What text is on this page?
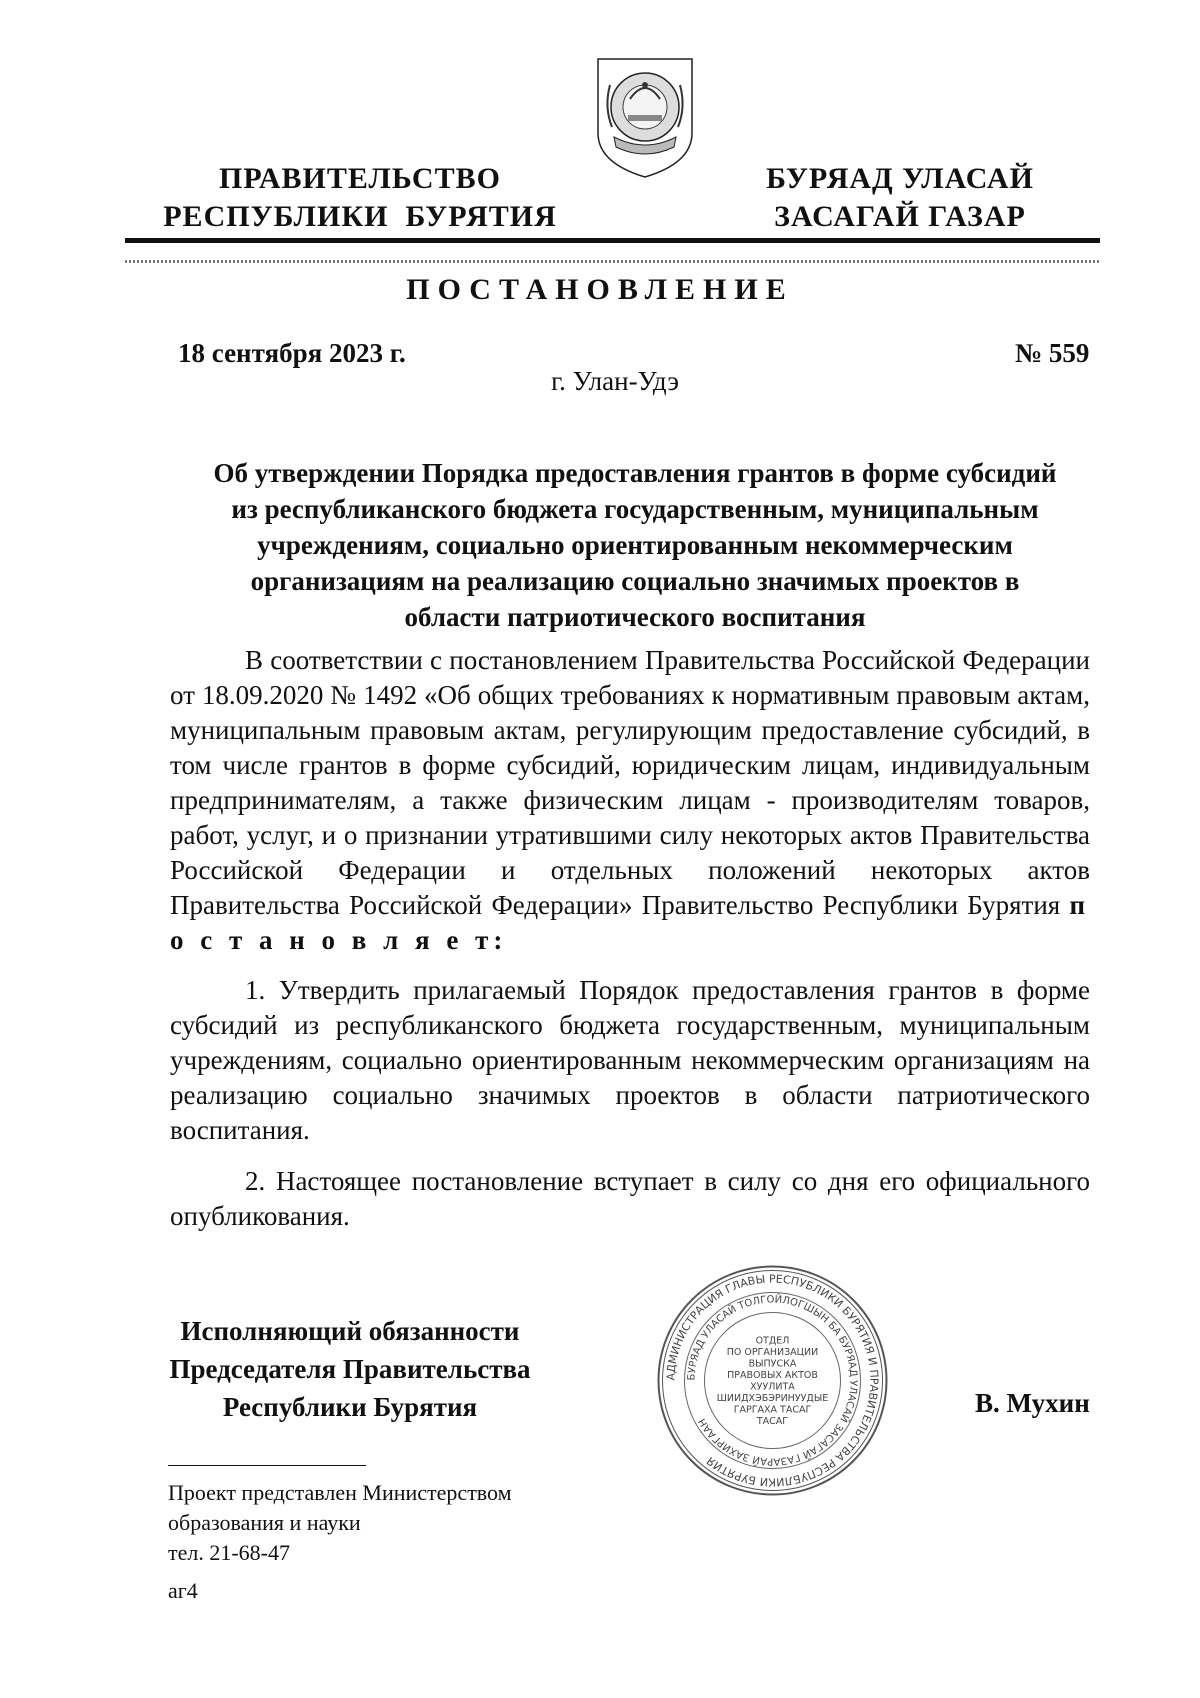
ПРАВИТЕЛЬСТВО
РЕСПУБЛИКИ  БУРЯТИЯ
БУРЯАД УЛАСАЙ
ЗАСАГАЙ ГАЗАР
ПОСТАНОВЛЕНИЕ
18 сентября 2023 г.	№ 559
г. Улан-Удэ
Об утверждении Порядка предоставления грантов в форме субсидий из республиканского бюджета государственным, муниципальным учреждениям, социально ориентированным некоммерческим организациям на реализацию социально значимых проектов в области патриотического воспитания

В соответствии с постановлением Правительства Российской Федерации от 18.09.2020 № 1492 «Об общих требованиях к нормативным правовым актам, муниципальным правовым актам, регулирующим предоставление субсидий, в том числе грантов в форме субсидий, юридическим лицам, индивидуальным предпринимателям, а также физическим лицам - производителям товаров, работ, услуг, и о признании утратившими силу некоторых актов Правительства Российской Федерации и отдельных положений некоторых актов Правительства Российской Федерации» Правительство Республики Бурятия п о с т а н о в л я е т:

1. Утвердить прилагаемый Порядок предоставления грантов в форме субсидий из республиканского бюджета государственным, муниципальным учреждениям, социально ориентированным некоммерческим организациям на реализацию социально значимых проектов в области патриотического воспитания.

2. Настоящее постановление вступает в силу со дня его официального опубликования.

Исполняющий обязанности
Председателя Правительства
Республики Бурятия
АДМИНИСТРАЦИЯ ГЛАВЫ РЕСПУБЛИКИ БУРЯТИЯ И ПРАВИТЕЛЬСТВА РЕСПУБЛИКИ БУРЯТИЯ
БУРЯАД УЛАСАЙ ТОЛГОЙЛОГШЫН БА БУРЯАД УЛАСАЙ ЗАСАГАЙ ГАЗАРАЙ ЗАХИРГААН
ОТДЕЛ
ПО ОРГАНИЗАЦИИ
ВЫПУСКА
ПРАВОВЫХ АКТОВ
ХУУЛИТА
ШИИДХЭБЭРИНУУДЫЕ
ГАРГАХА ТАСАГ
ТАСАГ
В. Мухин
Проект представлен Министерством
образования и науки
тел. 21-68-47
аг4
